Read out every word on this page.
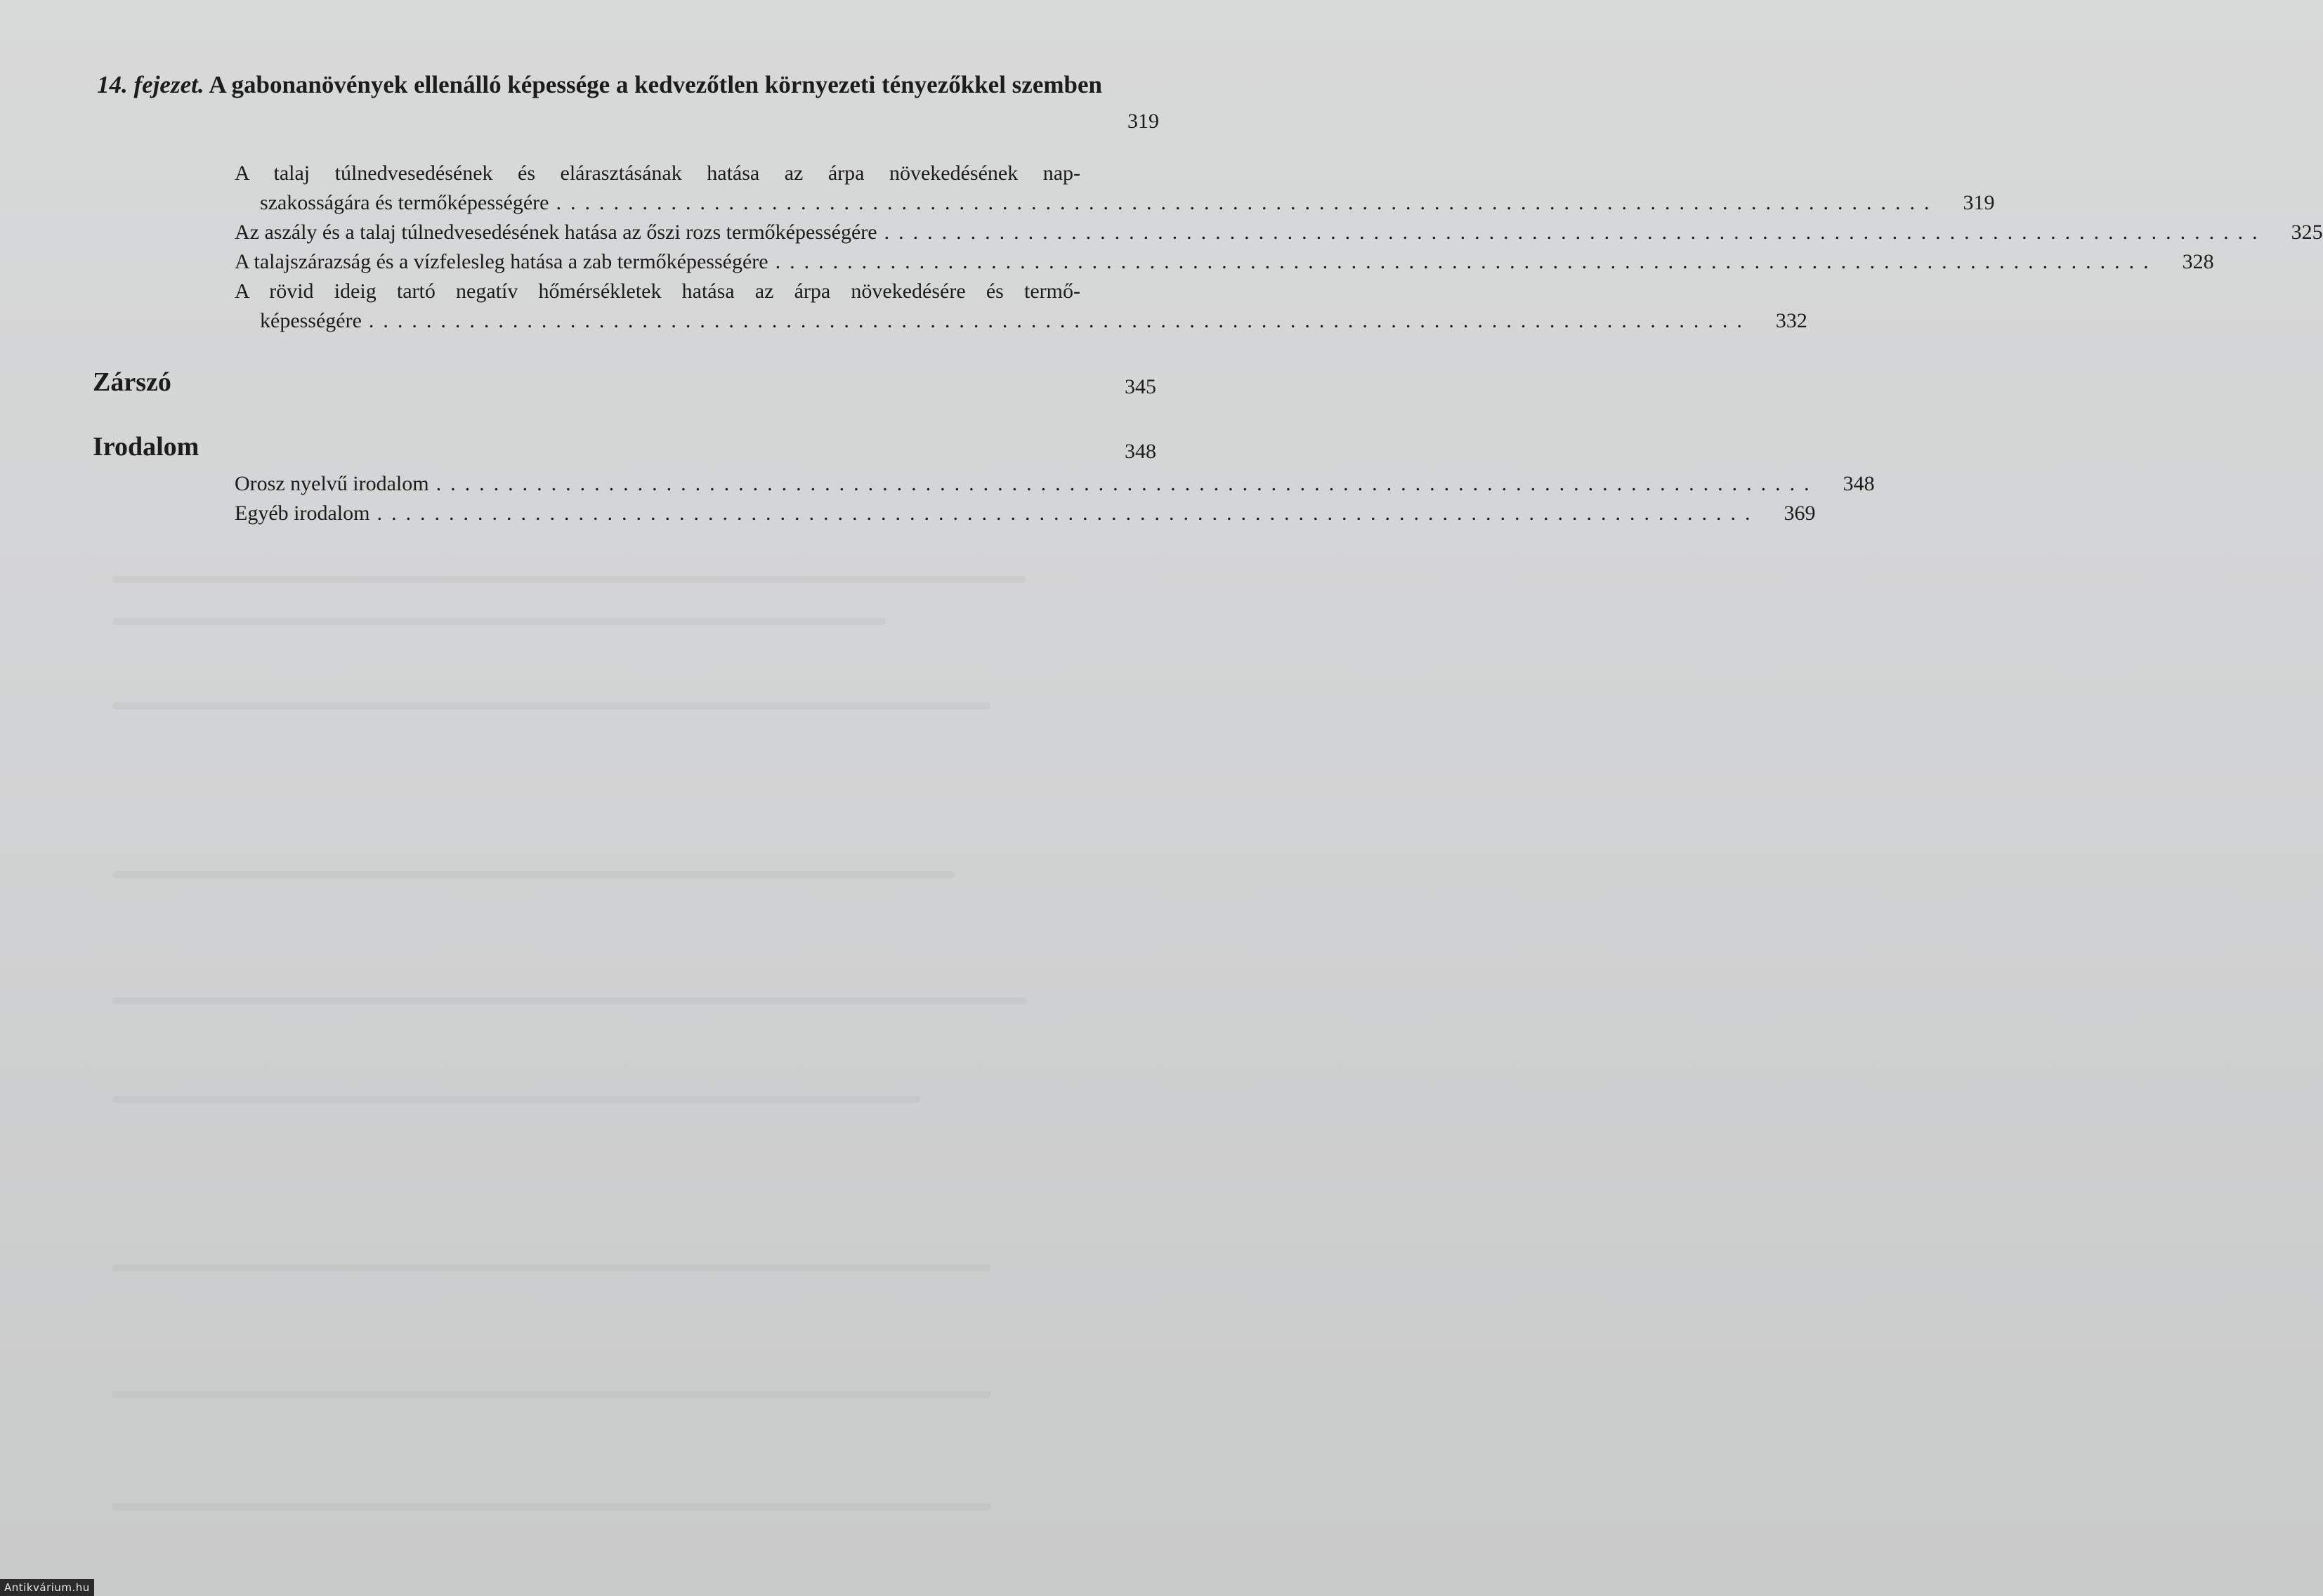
14. fejezet. A gabonanövények ellenálló képessége a kedvezőtlen környezeti tényezőkkel szemben
319
A talaj túlnedvesedésének és elárasztásának hatása az árpa növekedésének nap-
szakosságára és termőképességére ................................................................................................	319
Az aszály és a talaj túlnedvesedésének hatása az őszi rozs termőképességére ................................................................................................	325
A talajszárazság és a vízfelesleg hatása a zab termőképességére ................................................................................................	328
A rövid ideig tartó negatív hőmérsékletek hatása az árpa növekedésére és termő-
képességére ................................................................................................	332
Zárszó	345
Irodalom	348
Orosz nyelvű irodalom ................................................................................................	348
Egyéb irodalom ................................................................................................	369
Antikvárium.hu
